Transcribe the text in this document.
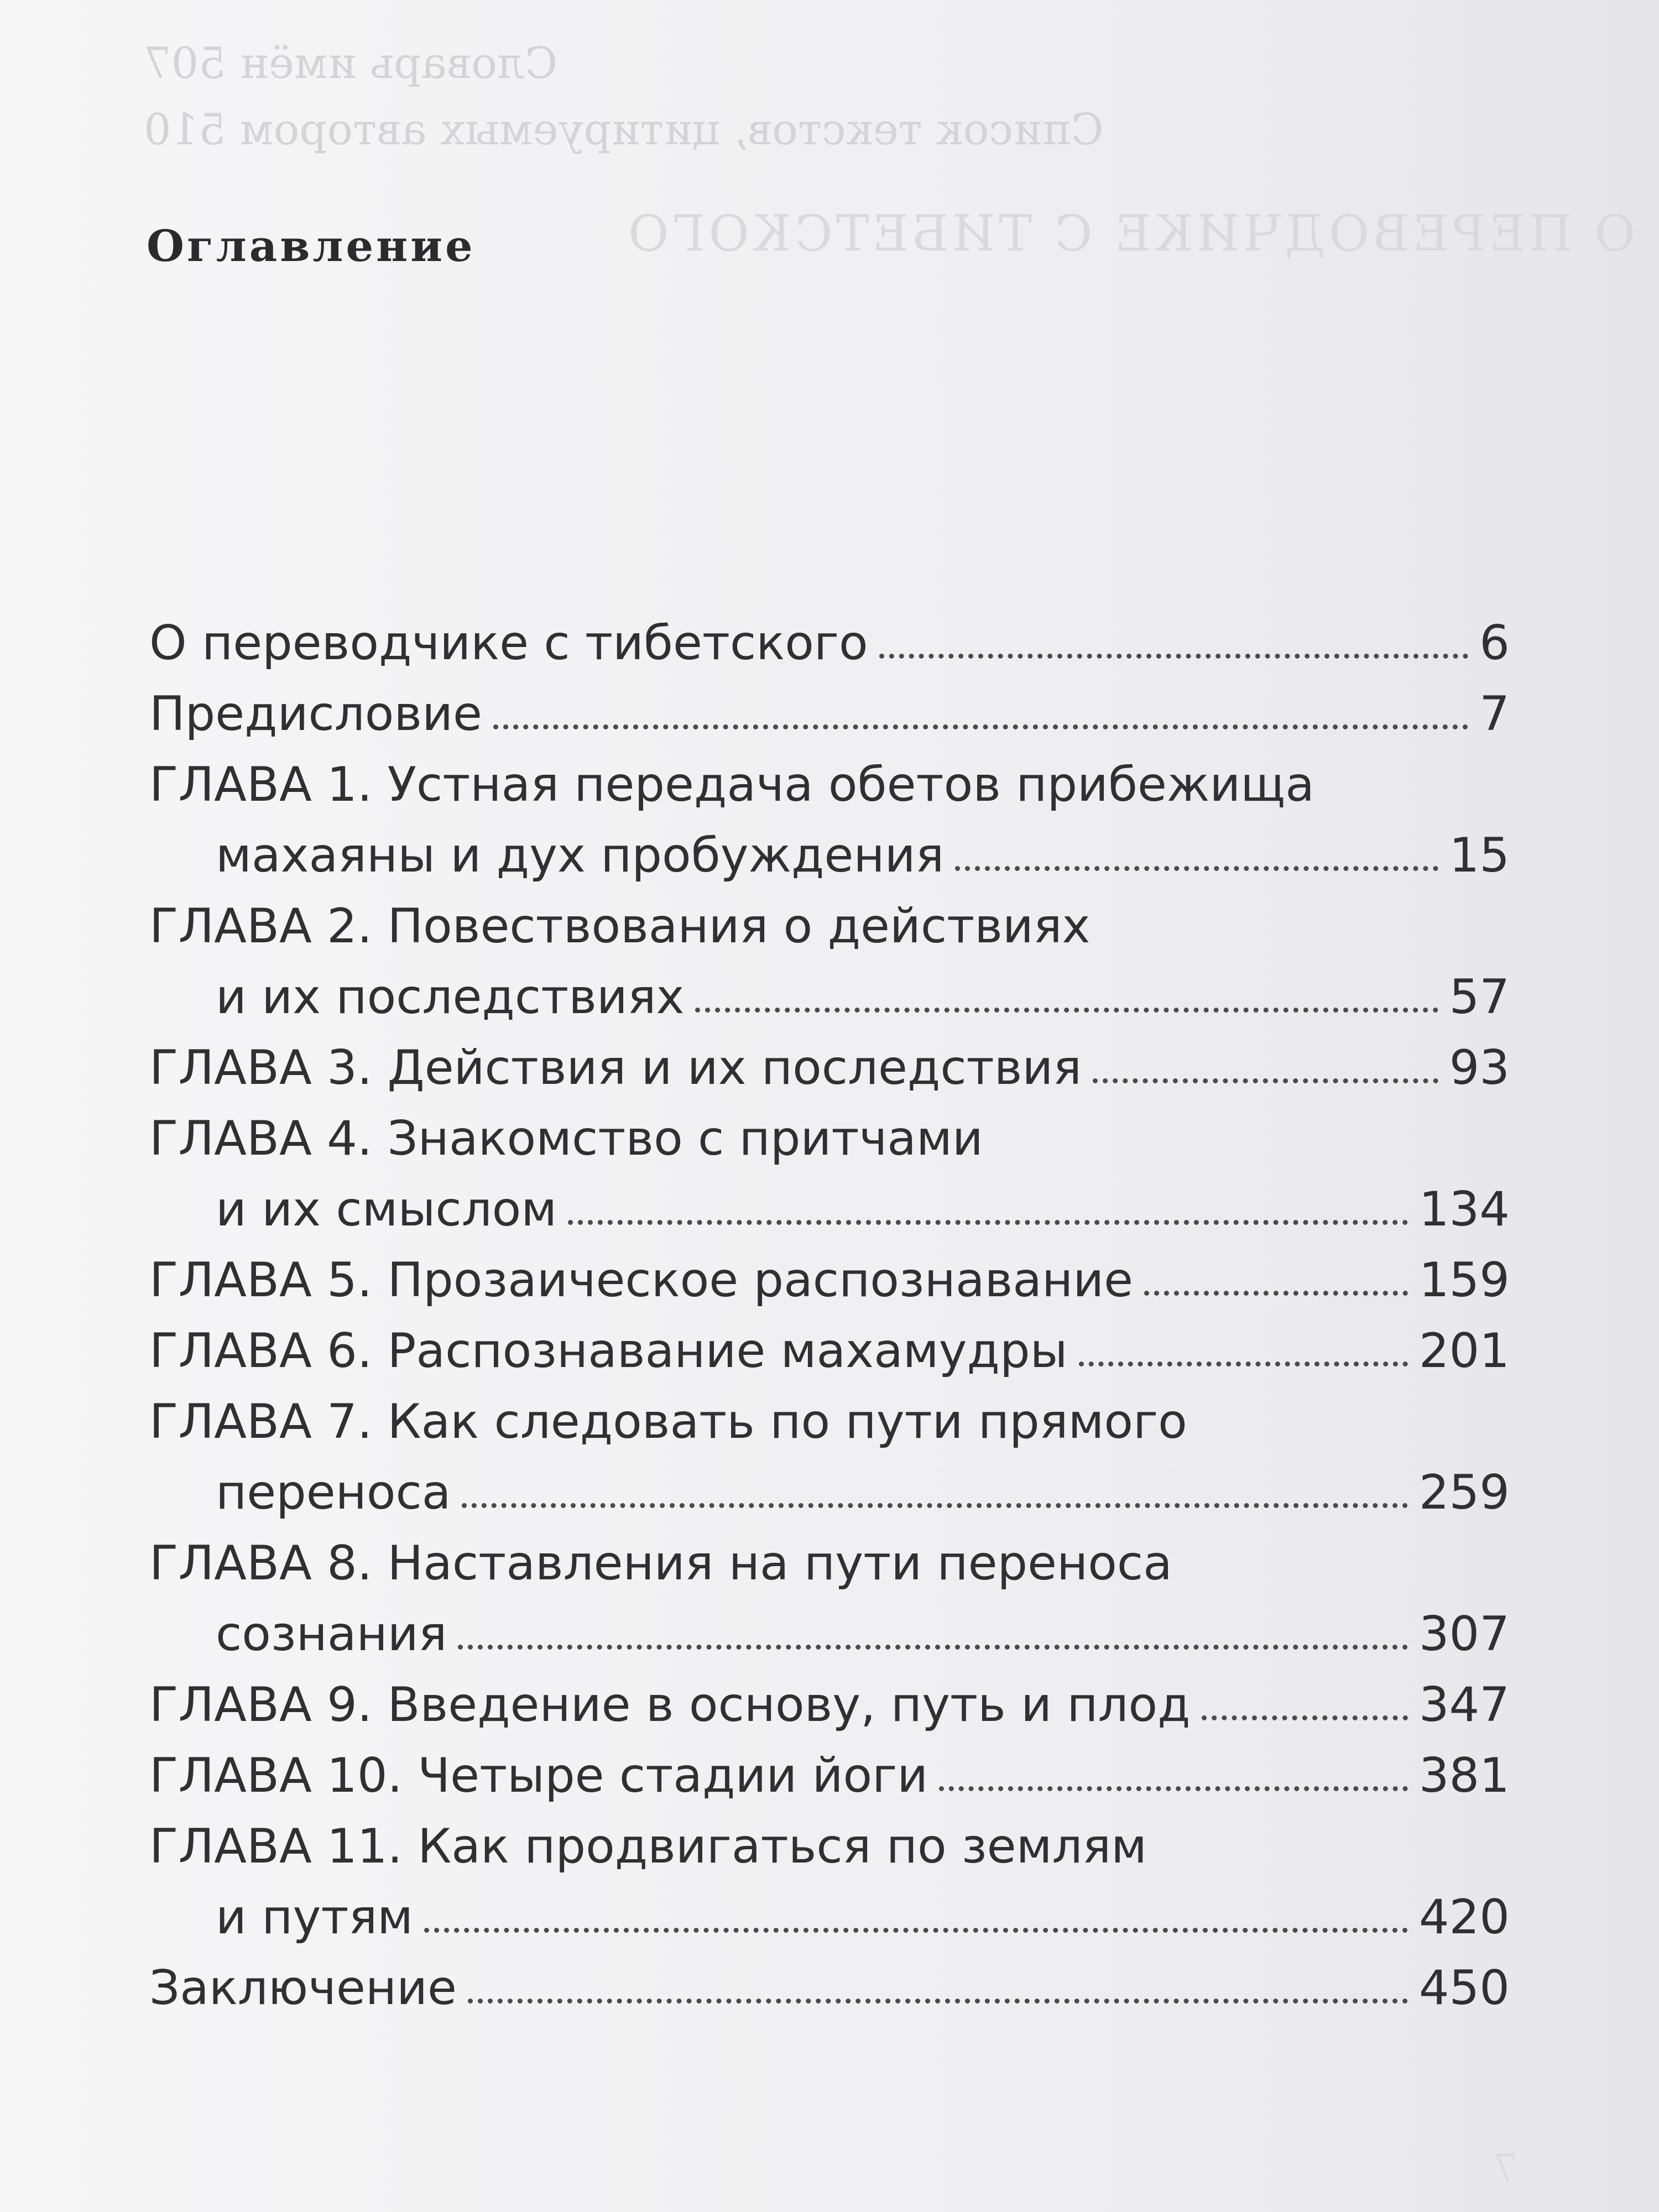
Словарь имён 507
Список текстов, цитируемых автором 510
О ПЕРЕВОДЧИКЕ С ТИБЕТСКОГО
7
Оглавление
О переводчике с тибетского	6
Предисловие	7
ГЛАВА 1. Устная передача обетов прибежища
махаяны и дух пробуждения	15
ГЛАВА 2. Повествования о действиях
и их последствиях	57
ГЛАВА 3. Действия и их последствия	93
ГЛАВА 4. Знакомство с притчами
и их смыслом	134
ГЛАВА 5. Прозаическое распознавание	159
ГЛАВА 6. Распознавание махамудры	201
ГЛАВА 7. Как следовать по пути прямого
переноса	259
ГЛАВА 8. Наставления на пути переноса
сознания	307
ГЛАВА 9. Введение в основу, путь и плод	347
ГЛАВА 10. Четыре стадии йоги	381
ГЛАВА 11. Как продвигаться по землям
и путям	420
Заключение	450
